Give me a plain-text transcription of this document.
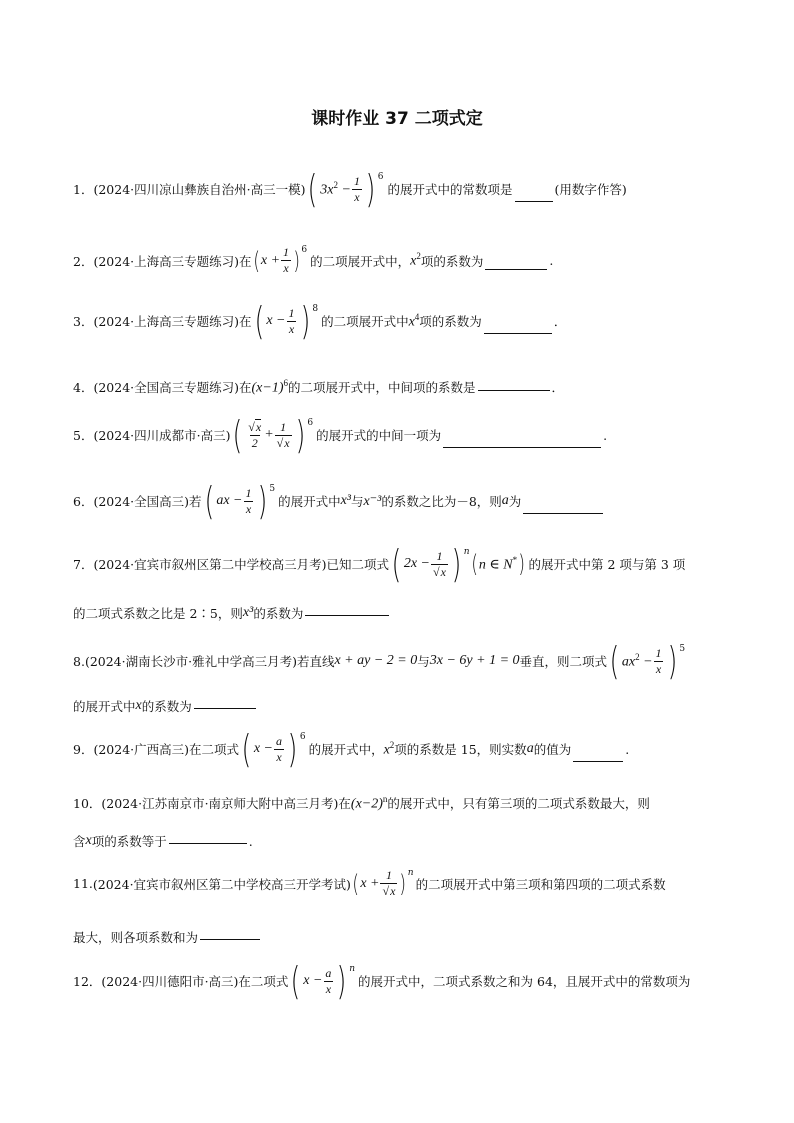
课时作业 37 二项式定
1． (2024·四川凉山彝族自治州·高三一模) ( $3x^2 - \frac{1}{x}$ ) 6
的展开式中的常数项是	(用数字作答)
2． (2024·上海高三专题练习)在 ( $x + \frac{1}{x}$ ) 6
的二项展开式中， $x^2$ 项的系数为	.
3． (2024·上海高三专题练习)在 ( $x - \frac{1}{x}$ ) 8
的二项展开式中 $x^4$ 项的系数为	．
4． (2024·全国高三专题练习)在 $(x-1)^6$ 的二项展开式中，中间项的系数是	．
5． (2024·四川成都市·高三) ( $\frac{√x}{2} + \frac{1}{√x}$ ) 6
的展开式的中间一项为	.
6． (2024·全国高三)若 ( ax − $\frac{1}{x}$ ) 5
的展开式中 x³ 与 x⁻³ 的系数之比为－8，则 a 为
7． (2024·宜宾市叙州区第二中学校高三月考)已知二项式 ( $2x - \frac{1}{√x}$ ) n ( n ∈ N* ) 的展开式中第 2 项与第 3 项
的二项式系数之比是 2∶5，则 x³ 的系数为
8. (2024·湖南长沙市·雅礼中学高三月考)若直线 x + ay − 2 = 0 与 3x − 6y + 1 = 0 垂直，则二项式 ( $ax^2 - \frac{1}{x}$ ) 5
的展开式中 x 的系数为
9． (2024·广西高三)在二项式 ( $x - \frac{a}{x}$ ) 6
的展开式中， $x^2$ 项的系数是 15，则实数 a 的值为	.
10． (2024·江苏南京市·南京师大附中高三月考)在 $(x-2)^n$ 的展开式中，只有第三项的二项式系数最大，则
含 x 项的系数等于	.
11. (2024·宜宾市叙州区第二中学校高三开学考试) ( $x + \frac{1}{√x}$ ) n
的二项展开式中第三项和第四项的二项式系数
最大，则各项系数和为
12． (2024·四川德阳市·高三)在二项式 ( $x - \frac{a}{x}$ ) n
的展开式中，二项式系数之和为 64，且展开式中的常数项为
